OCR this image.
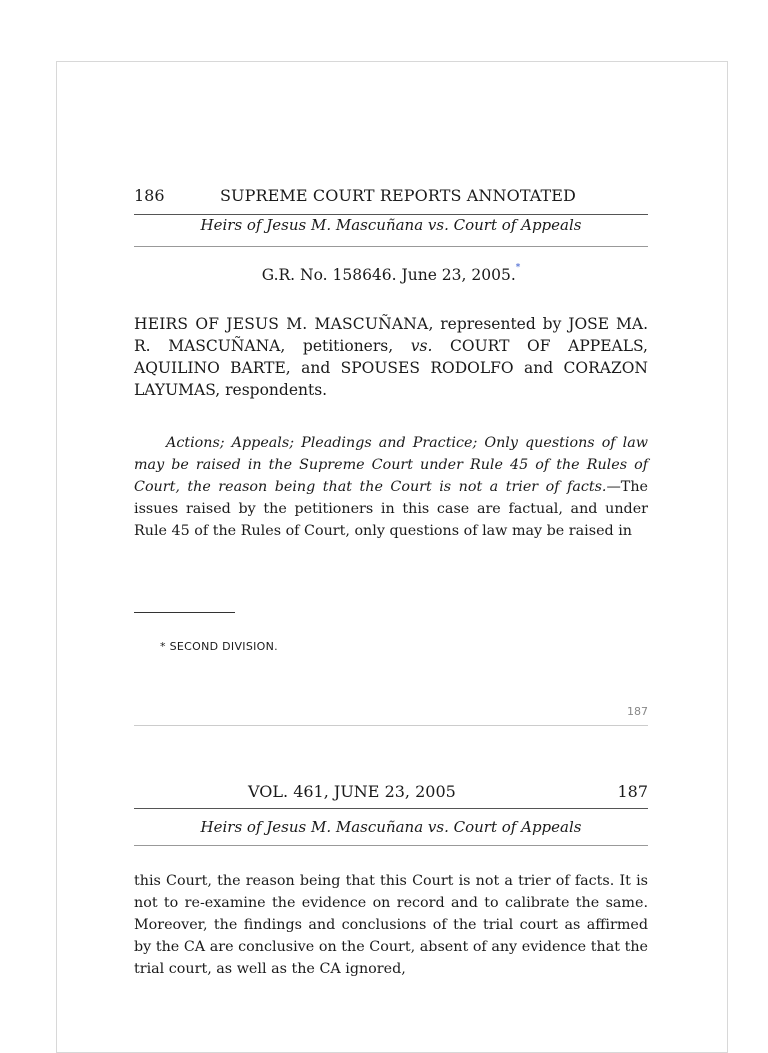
186	SUPREME COURT REPORTS ANNOTATED
Heirs of Jesus M. Mascuñana vs. Court of Appeals
G.R. No. 158646. June 23, 2005.*
HEIRS OF JESUS M. MASCUÑANA, represented by JOSE MA. R. MASCUÑANA, petitioners, vs. COURT OF APPEALS, AQUILINO BARTE, and SPOUSES RODOLFO and CORAZON LAYUMAS, respondents.
Actions; Appeals; Pleadings and Practice; Only questions of law may be raised in the Supreme Court under Rule 45 of the Rules of Court, the reason being that the Court is not a trier of facts.—The issues raised by the petitioners in this case are factual, and under Rule 45 of the Rules of Court, only questions of law may be raised in
* SECOND DIVISION.
187
VOL. 461, JUNE 23, 2005	187
Heirs of Jesus M. Mascuñana vs. Court of Appeals
this Court, the reason being that this Court is not a trier of facts. It is not to re-examine the evidence on record and to calibrate the same. Moreover, the findings and conclusions of the trial court as affirmed by the CA are conclusive on the Court, absent of any evidence that the trial court, as well as the CA ignored,
